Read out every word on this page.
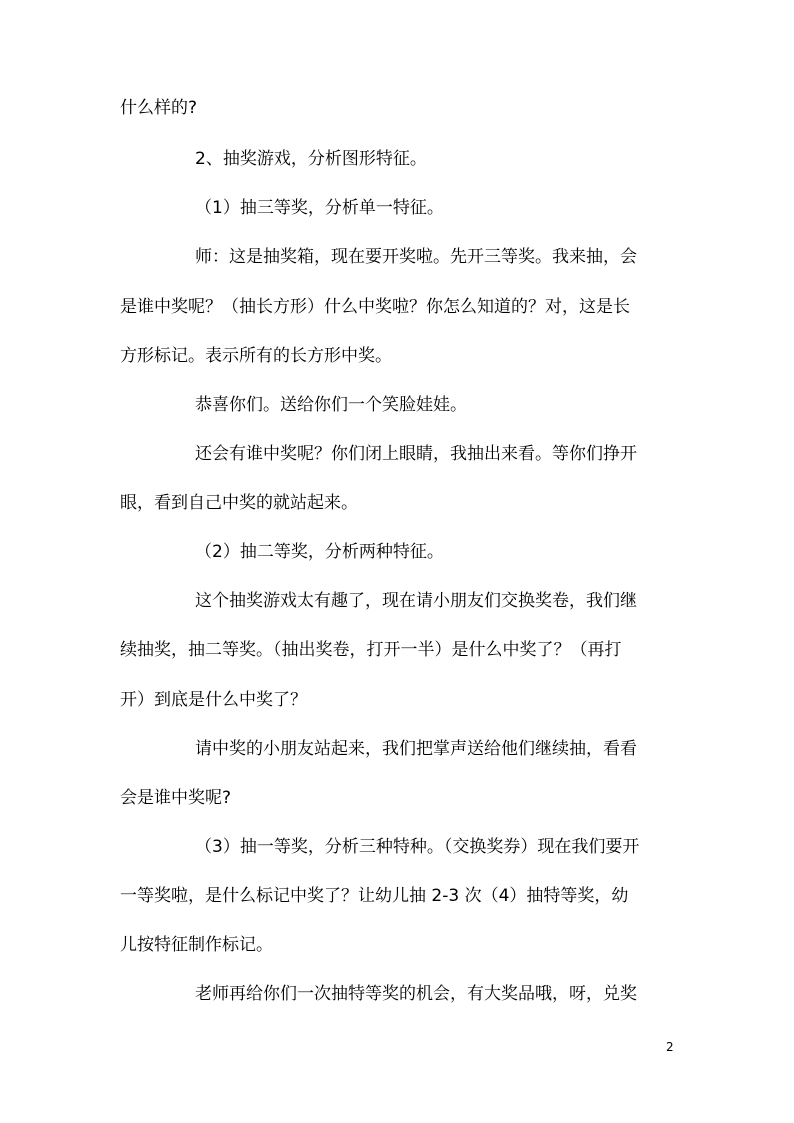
什么样的?
2、抽奖游戏，分析图形特征。
（1）抽三等奖，分析单一特征。
师：这是抽奖箱，现在要开奖啦。先开三等奖。我来抽，会
是谁中奖呢？（抽长方形）什么中奖啦？你怎么知道的？对，这是长
方形标记。表示所有的长方形中奖。
恭喜你们。送给你们一个笑脸娃娃。
还会有谁中奖呢？你们闭上眼睛，我抽出来看。等你们挣开
眼，看到自己中奖的就站起来。
（2）抽二等奖，分析两种特征。
这个抽奖游戏太有趣了，现在请小朋友们交换奖卷，我们继
续抽奖，抽二等奖。（抽出奖卷，打开一半）是什么中奖了？（再打
开）到底是什么中奖了？
请中奖的小朋友站起来，我们把掌声送给他们继续抽，看看
会是谁中奖呢?
（3）抽一等奖，分析三种特种。（交换奖券）现在我们要开
一等奖啦，是什么标记中奖了？让幼儿抽 2-3 次（4）抽特等奖，幼
儿按特征制作标记。
老师再给你们一次抽特等奖的机会，有大奖品哦，呀，兑奖
2
